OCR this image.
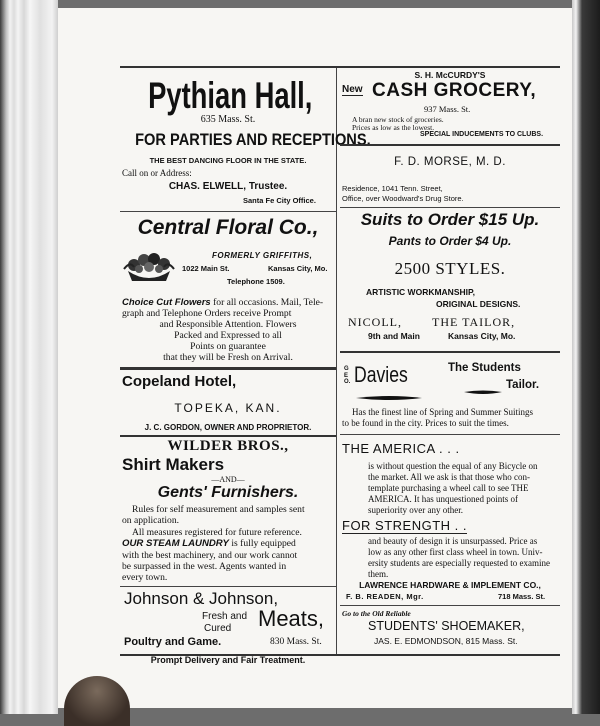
Pythian Hall,
635 Mass. St.
FOR PARTIES AND RECEPTIONS.
THE BEST DANCING FLOOR IN THE STATE.
Call on or Address:
CHAS. ELWELL, Trustee.
Santa Fe City Office.
Central Floral Co.,
FORMERLY GRIFFITHS,
1022 Main St.	Kansas City, Mo.
Telephone 1509.
Choice Cut Flowers for all occasions. Mail, Tele-
graph and Telephone Orders receive Prompt
and Responsible Attention. Flowers
Packed and Expressed to all
Points on guarantee
that they will be Fresh on Arrival.
Copeland Hotel,
TOPEKA, KAN.
J. C. GORDON, OWNER AND PROPRIETOR.
WILDER BROS.,
Shirt Makers
—AND—
Gents' Furnishers.
Rules for self measurement and samples sent
on application.
All measures registered for future reference.
OUR STEAM LAUNDRY is fully equipped
with the best machinery, and our work cannot
be surpassed in the west. Agents wanted in
every town.
Johnson & Johnson,
Fresh and
Cured Meats,
Poultry and Game.	830 Mass. St.
Prompt Delivery and Fair Treatment.
S. H. McCURDY'S
New CASH GROCERY,
937 Mass. St.
A bran new stock of groceries.
Prices as low as the lowest.
SPECIAL INDUCEMENTS TO CLUBS.
F. D. MORSE, M. D.
Residence, 1041 Tenn. Street,
Office, over Woodward's Drug Store.
Suits to Order $15 Up.
Pants to Order $4 Up.
2500 STYLES.
ARTISTIC WORKMANSHIP,
ORIGINAL DESIGNS.
NICOLL,	THE TAILOR,
9th and Main	Kansas City, Mo.
GEO. Davies	The Students
Tailor.
Has the finest line of Spring and Summer Suitings
to be found in the city. Prices to suit the times.
THE AMERICA . . .
is without question the equal of any Bicycle on
the market. All we ask is that those who con-
template purchasing a wheel call to see THE
AMERICA. It has unquestioned points of
superiority over any other.
FOR STRENGTH . .
and beauty of design it is unsurpassed. Price as
low as any other first class wheel in town. Univ-
ersity students are especially requested to examine
them.
LAWRENCE HARDWARE & IMPLEMENT CO.,
F. B. READEN, Mgr.	718 Mass. St.
Go to the Old Reliable
STUDENTS' SHOEMAKER,
JAS. E. EDMONDSON, 815 Mass. St.
